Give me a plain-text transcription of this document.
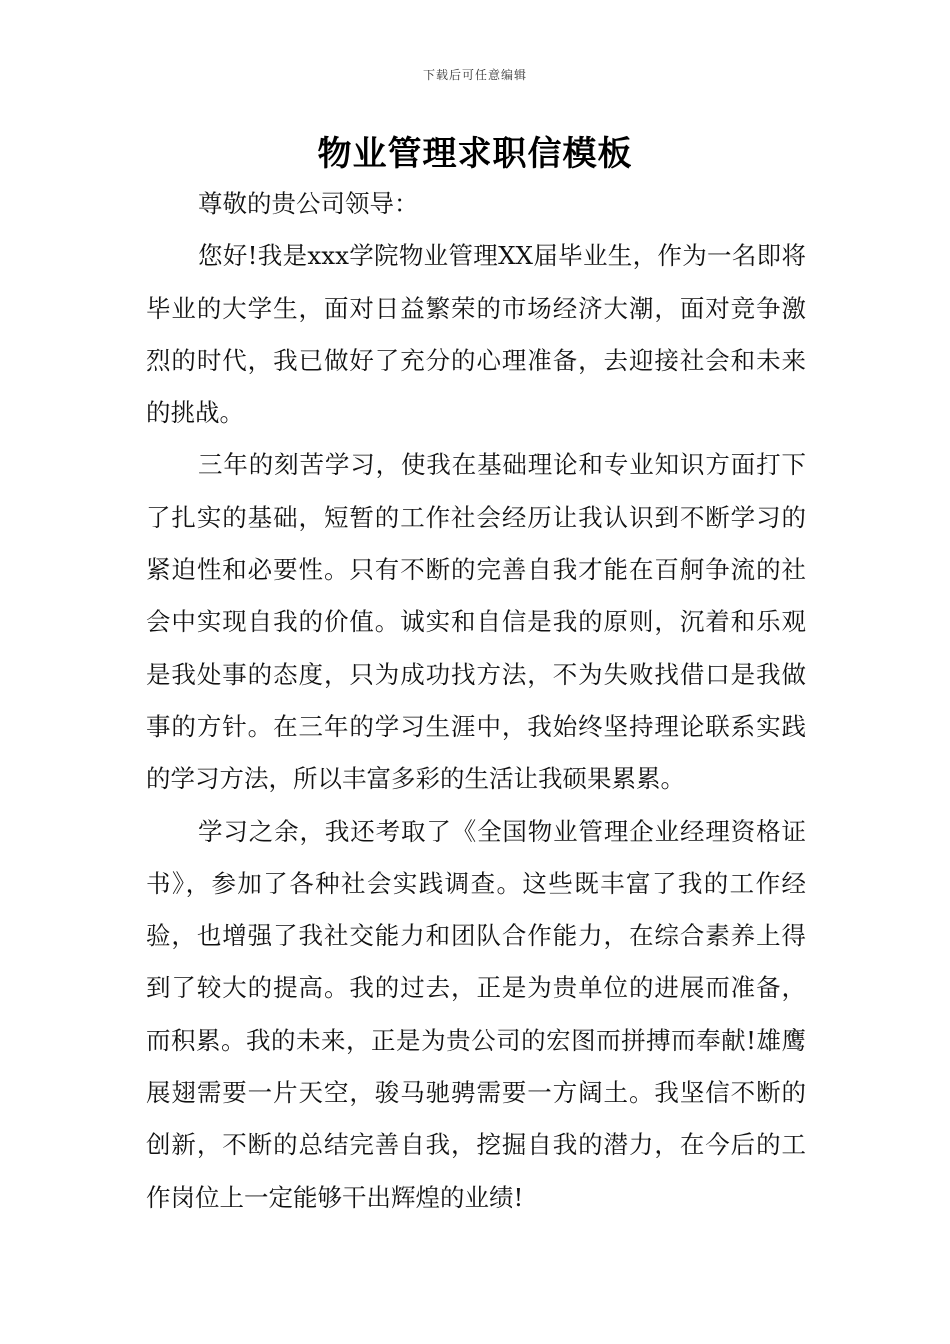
下载后可任意编辑
物业管理求职信模板

尊敬的贵公司领导：

您好!我是xxx学院物业管理XX届毕业生，作为一名即将毕业的大学生，面对日益繁荣的市场经济大潮，面对竞争激烈的时代，我已做好了充分的心理准备，去迎接社会和未来的挑战。

三年的刻苦学习，使我在基础理论和专业知识方面打下了扎实的基础，短暂的工作社会经历让我认识到不断学习的紧迫性和必要性。只有不断的完善自我才能在百舸争流的社会中实现自我的价值。诚实和自信是我的原则，沉着和乐观是我处事的态度，只为成功找方法，不为失败找借口是我做事的方针。在三年的学习生涯中，我始终坚持理论联系实践的学习方法，所以丰富多彩的生活让我硕果累累。

学习之余，我还考取了《全国物业管理企业经理资格证书》，参加了各种社会实践调查。这些既丰富了我的工作经验，也增强了我社交能力和团队合作能力，在综合素养上得到了较大的提高。我的过去，正是为贵单位的进展而准备，而积累。我的未来，正是为贵公司的宏图而拼搏而奉献!雄鹰展翅需要一片天空，骏马驰骋需要一方阔土。我坚信不断的创新，不断的总结完善自我，挖掘自我的潜力，在今后的工作岗位上一定能够干出辉煌的业绩!
